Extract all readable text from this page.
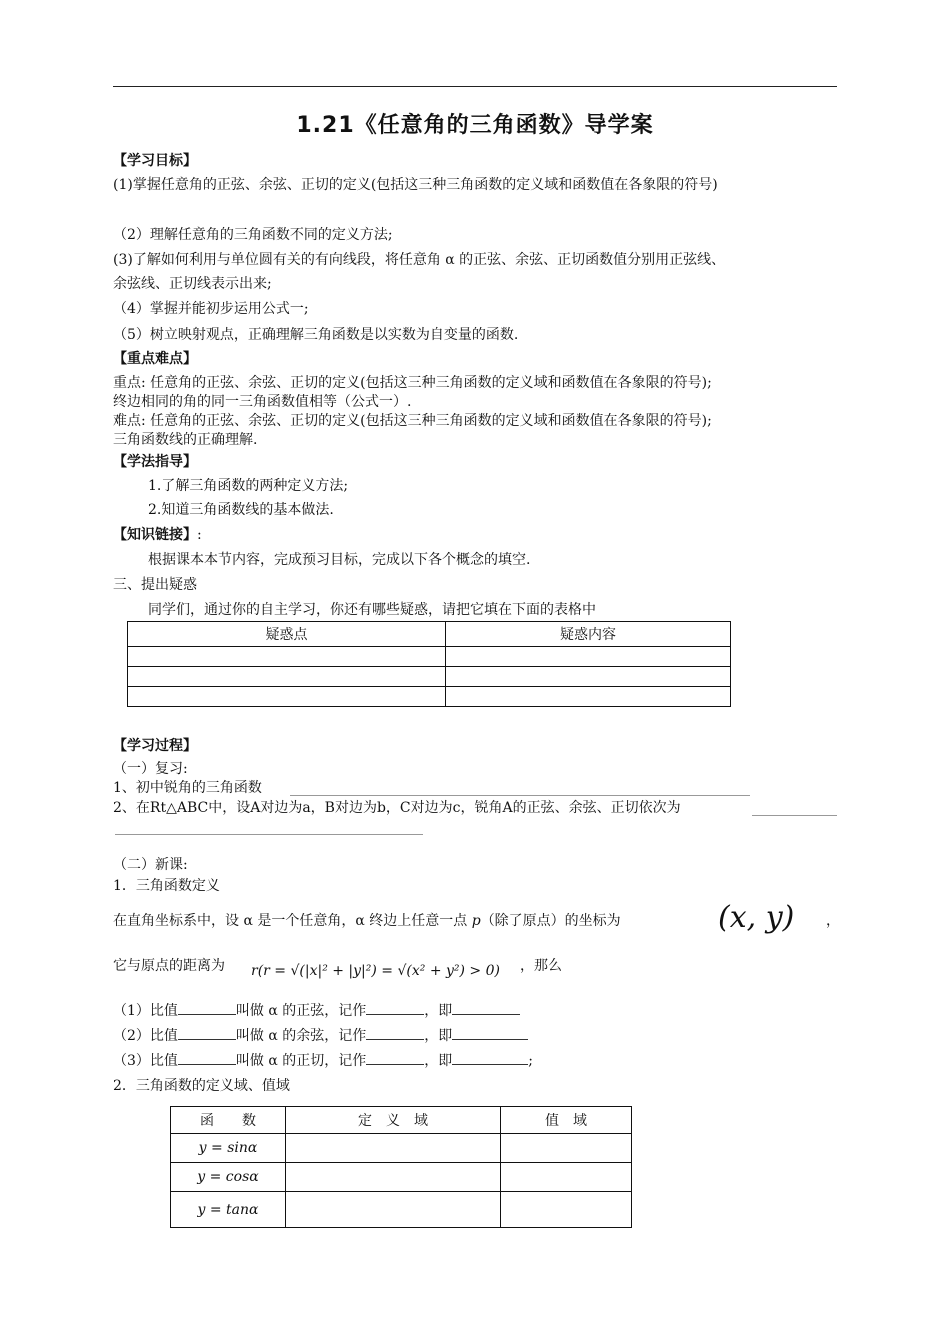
1.21《任意角的三角函数》导学案
【学习目标】
(1)掌握任意角的正弦、余弦、正切的定义(包括这三种三角函数的定义域和函数值在各象限的符号)
（2）理解任意角的三角函数不同的定义方法;
(3)了解如何利用与单位圆有关的有向线段，将任意角 α 的正弦、余弦、正切函数值分别用正弦线、
余弦线、正切线表示出来;
（4）掌握并能初步运用公式一;
（5）树立映射观点，正确理解三角函数是以实数为自变量的函数.
【重点难点】
重点: 任意角的正弦、余弦、正切的定义(包括这三种三角函数的定义域和函数值在各象限的符号);
终边相同的角的同一三角函数值相等（公式一）.
难点: 任意角的正弦、余弦、正切的定义(包括这三种三角函数的定义域和函数值在各象限的符号);
三角函数线的正确理解.
【学法指导】
1.了解三角函数的两种定义方法;
2.知道三角函数线的基本做法.
【知识链接】:
根据课本本节内容，完成预习目标，完成以下各个概念的填空.
三、提出疑惑
同学们，通过你的自主学习，你还有哪些疑惑，请把它填在下面的表格中
疑惑点	疑惑内容

【学习过程】
（一）复习:
1、初中锐角的三角函数
2、在Rt△ABC中，设A对边为a，B对边为b，C对边为c，锐角A的正弦、余弦、正切依次为
（二）新课:
1．三角函数定义
在直角坐标系中，设 α 是一个任意角，α 终边上任意一点 p（除了原点）的坐标为	(x, y) ，
它与原点的距离为 r(r = √(|x|² + |y|²) = √(x² + y²) > 0) ，那么
（1）比值	叫做 α 的正弦，记作	，即
（2）比值	叫做 α 的余弦，记作	，即
（3）比值	叫做 α 的正切，记作	，即	;
2．三角函数的定义域、值域
函　　数	定　义　域	值　域
y = sinα		
y = cosα		
y = tanα		
